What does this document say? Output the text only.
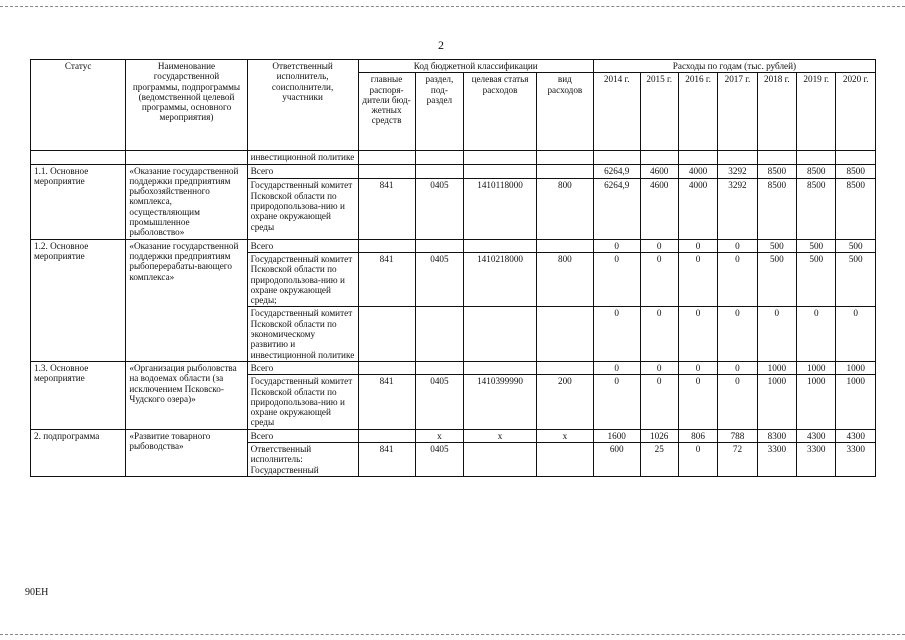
2
Статус	Наименование государственной программы, подпрограммы (ведомственной целевой программы, основного мероприятия)	Ответственный исполнитель, соисполнители, участники	Код бюджетной классификации				Расходы по годам (тыс. рублей)						
			главные распоря-дители бюд-жетных средств	раздел, под-раздел	целевая статья расходов	вид расходов	2014 г.	2015 г.	2016 г.	2017 г.	2018 г.	2019 г.	2020 г.
		инвестиционной политике											
1.1. Основное мероприятие	«Оказание государственной поддержки предприятиям рыбохозяйственного комплекса, осуществляющим промышленное рыболовство»	Всего					6264,9	4600	4000	3292	8500	8500	8500
		Государственный комитет Псковской области по природопользова-нию и охране окружающей среды	841	0405	1410118000	800	6264,9	4600	4000	3292	8500	8500	8500
1.2. Основное мероприятие	«Оказание государственной поддержки предприятиям рыбоперерабаты-вающего комплекса»	Всего					0	0	0	0	500	500	500
		Государственный комитет Псковской области по природопользова-нию и охране окружающей среды;	841	0405	1410218000	800	0	0	0	0	500	500	500
		Государственный комитет Псковской области по экономическому развитию и инвестиционной политике					0	0	0	0	0	0	0
1.3. Основное мероприятие	«Организация рыболовства на водоемах области (за исключением Псковско-Чудского озера)»	Всего					0	0	0	0	1000	1000	1000
		Государственный комитет Псковской области по природопользова-нию и охране окружающей среды	841	0405	1410399990	200	0	0	0	0	1000	1000	1000
2. подпрограмма	«Развитие товарного рыбоводства»	Всего		х	х	х	1600	1026	806	788	8300	4300	4300
		Ответственный исполнитель: Государственный	841	0405			600	25	0	72	3300	3300	3300
90EH
